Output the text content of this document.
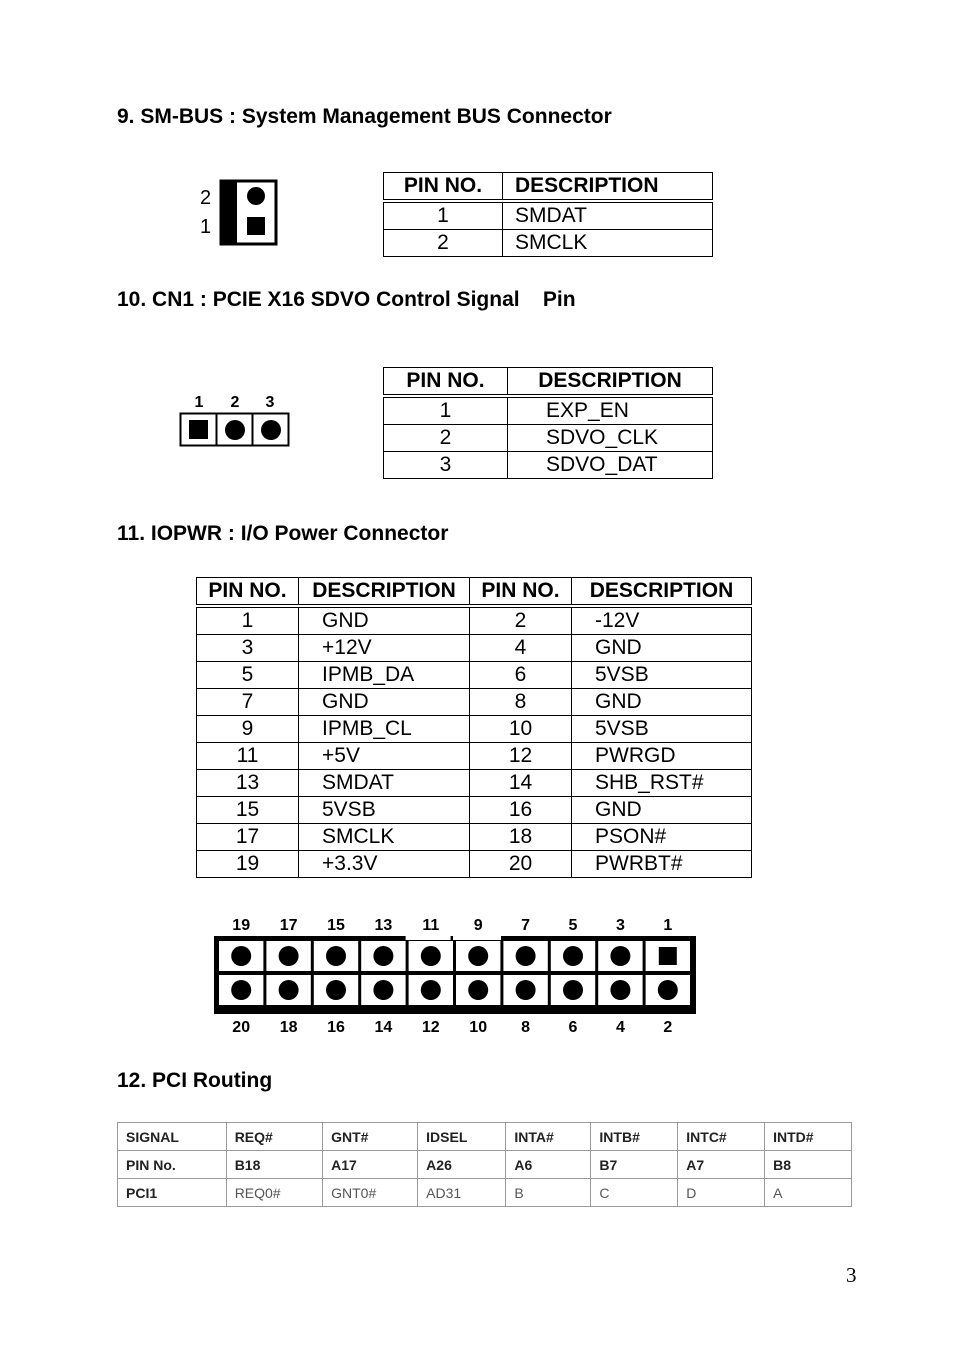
9. SM-BUS : System Management BUS Connector
2
1
PIN NO.	DESCRIPTION
1	SMDAT
2	SMCLK
10. CN1 : PCIE X16 SDVO Control Signal    Pin
1	2	3
PIN NO.	DESCRIPTION
1	EXP_EN
2	SDVO_CLK
3	SDVO_DAT
11. IOPWR : I/O Power Connector
PIN NO.	DESCRIPTION	PIN NO.	DESCRIPTION
1	GND	2	-12V
3	+12V	4	GND
5	IPMB_DA	6	5VSB
7	GND	8	GND
9	IPMB_CL	10	5VSB
11	+5V	12	PWRGD
13	SMDAT	14	SHB_RST#
15	5VSB	16	GND
17	SMCLK	18	PSON#
19	+3.3V	20	PWRBT#
19
20
17
18
15
16
13
14
11
12
9
10
7
8
5
6
3
4
1
2
12. PCI Routing
SIGNAL	REQ#	GNT#	IDSEL	INTA#	INTB#	INTC#	INTD#
PIN No.	B18	A17	A26	A6	B7	A7	B8
PCI1	REQ0#	GNT0#	AD31	B	C	D	A
3
